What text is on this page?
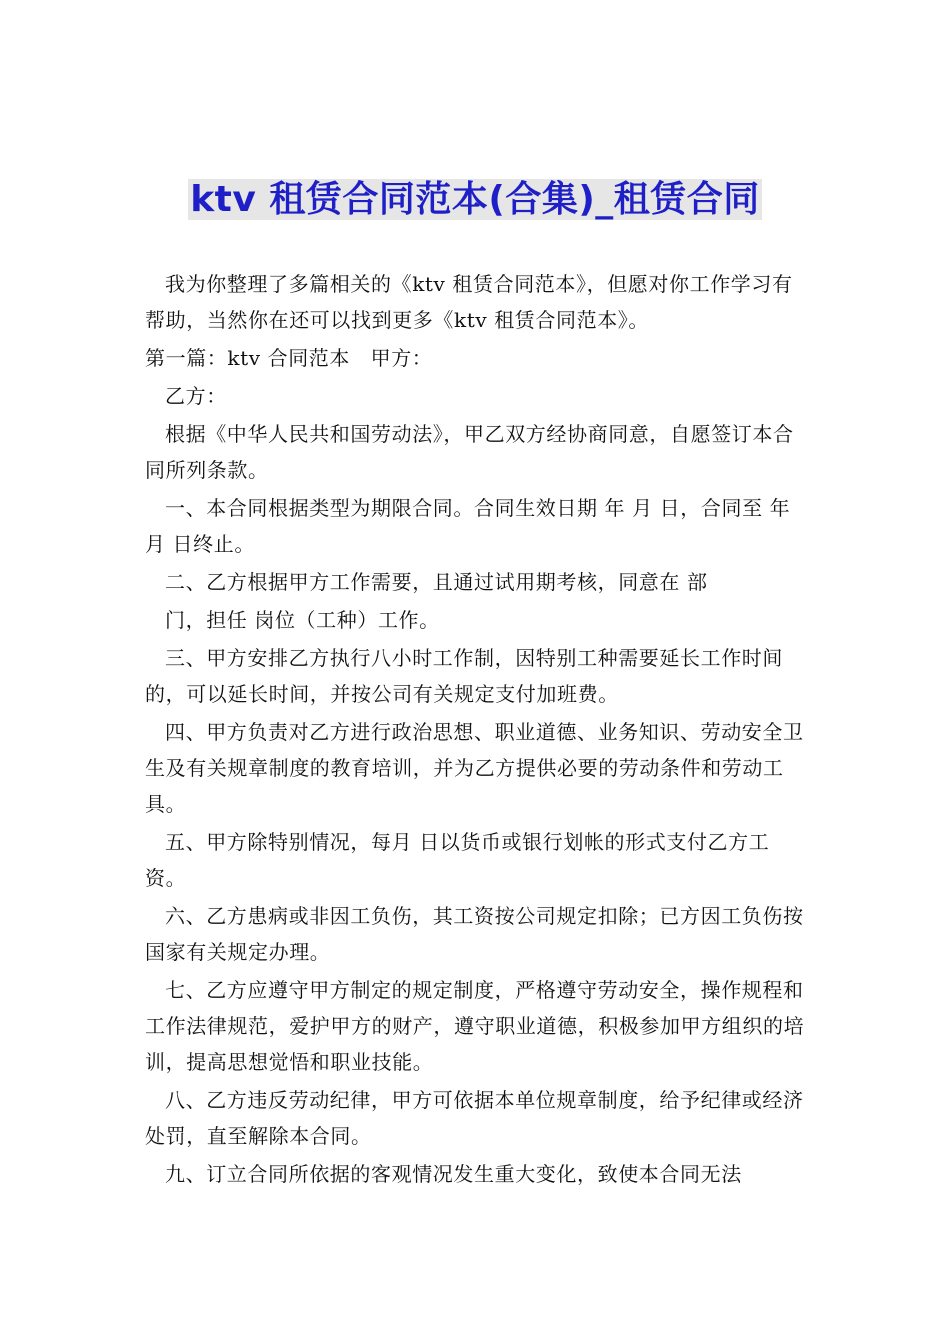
ktv 租赁合同范本(合集)_租赁合同

我为你整理了多篇相关的《ktv 租赁合同范本》，但愿对你工作学习有帮助，当然你在还可以找到更多《ktv 租赁合同范本》。

第一篇：ktv 合同范本　甲方：

乙方：

根据《中华人民共和国劳动法》，甲乙双方经协商同意，自愿签订本合同所列条款。

一、本合同根据类型为期限合同。合同生效日期 年 月 日，合同至 年 月 日终止。

二、乙方根据甲方工作需要，且通过试用期考核，同意在 部

门，担任 岗位（工种）工作。

三、甲方安排乙方执行八小时工作制，因特别工种需要延长工作时间的，可以延长时间，并按公司有关规定支付加班费。

四、甲方负责对乙方进行政治思想、职业道德、业务知识、劳动安全卫生及有关规章制度的教育培训，并为乙方提供必要的劳动条件和劳动工具。

五、甲方除特别情况，每月 日以货币或银行划帐的形式支付乙方工资。

六、乙方患病或非因工负伤，其工资按公司规定扣除；已方因工负伤按国家有关规定办理。

七、乙方应遵守甲方制定的规定制度，严格遵守劳动安全，操作规程和工作法律规范，爱护甲方的财产，遵守职业道德，积极参加甲方组织的培训，提高思想觉悟和职业技能。

八、乙方违反劳动纪律，甲方可依据本单位规章制度，给予纪律或经济处罚，直至解除本合同。

九、订立合同所依据的客观情况发生重大变化，致使本合同无法
